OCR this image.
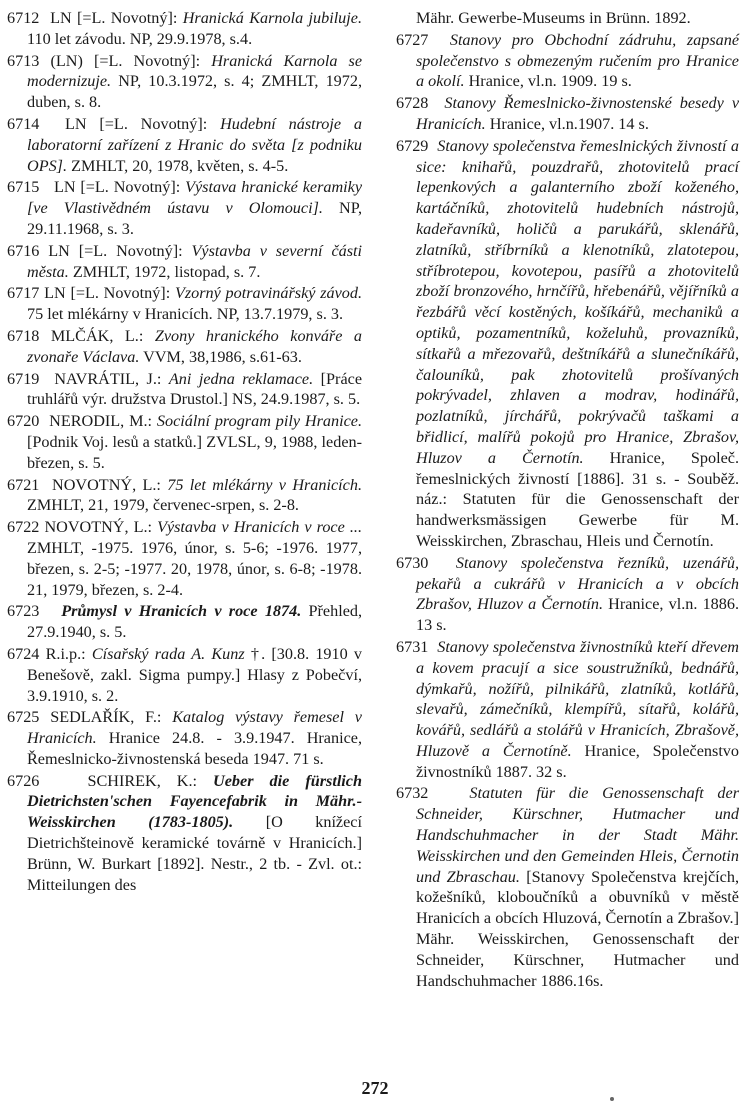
6712 LN [=L. Novotný]: Hranická Karnola jubiluje. 110 let závodu. NP, 29.9.1978, s.4.

6713 (LN) [=L. Novotný]: Hranická Karnola se modernizuje. NP, 10.3.1972, s. 4; ZMHLT, 1972, duben, s. 8.

6714 LN [=L. Novotný]: Hudební nástroje a laboratorní zařízení z Hranic do světa [z podniku OPS]. ZMHLT, 20, 1978, květen, s. 4-5.

6715 LN [=L. Novotný]: Výstava hranické keramiky [ve Vlastivědném ústavu v Olomouci]. NP, 29.11.1968, s. 3.

6716 LN [=L. Novotný]: Výstavba v severní části města. ZMHLT, 1972, listopad, s. 7.

6717 LN [=L. Novotný]: Vzorný potravinářský závod. 75 let mlékárny v Hranicích. NP, 13.7.1979, s. 3.

6718 MLČÁK, L.: Zvony hranického konváře a zvonaře Václava. VVM, 38,1986, s.61-63.

6719 NAVRÁTIL, J.: Ani jedna reklamace. [Práce truhlářů výr. družstva Drustol.] NS, 24.9.1987, s. 5.

6720 NERODIL, M.: Sociální program pily Hranice. [Podnik Voj. lesů a statků.] ZVLSL, 9, 1988, leden-březen, s. 5.

6721 NOVOTNÝ, L.: 75 let mlékárny v Hranicích. ZMHLT, 21, 1979, červenec-srpen, s. 2-8.

6722 NOVOTNÝ, L.: Výstavba v Hranicích v roce ... ZMHLT, -1975. 1976, únor, s. 5-6; -1976. 1977, březen, s. 2-5; -1977. 20, 1978, únor, s. 6-8; -1978. 21, 1979, březen, s. 2-4.

6723 Průmysl v Hranicích v roce 1874. Přehled, 27.9.1940, s. 5.

6724 R.i.p.: Císařský rada A. Kunz †. [30.8. 1910 v Benešově, zakl. Sigma pumpy.] Hlasy z Pobečví, 3.9.1910, s. 2.

6725 SEDLAŘÍK, F.: Katalog výstavy řemesel v Hranicích. Hranice 24.8. - 3.9.1947. Hranice, Řemeslnicko-živnostenská beseda 1947. 71 s.

6726	SCHIREK, K.: Ueber die fürstlich Dietrichsten'schen Fayencefabrik in Mähr.-Weisskirchen (1783-1805). [O knížecí Dietrichšteinově keramické továrně v Hranicích.] Brünn, W. Burkart [1892]. Nestr., 2 tb. - Zvl. ot.: Mitteilungen des

Mähr. Gewerbe-Museums in Brünn. 1892.

6727 Stanovy pro Obchodní zádruhu, zapsané společenstvo s obmezeným ručením pro Hranice a okolí. Hranice, vl.n. 1909. 19 s.

6728 Stanovy Řemeslnicko-živnostenské besedy v Hranicích. Hranice, vl.n.1907. 14 s.

6729 Stanovy společenstva řemeslnických živností a sice: knihařů, pouzdrařů, zhotovitelů prací lepenkových a galanterního zboží koženého, kartáčníků, zhotovitelů hudebních nástrojů, kadeřavníků, holičů a parukářů, sklenářů, zlatníků, stříbrníků a klenotníků, zlatotepou, stříbrotepou, kovotepou, pasířů a zhotovitelů zboží bronzového, hrnčířů, hřebenářů, vějířníků a řezbářů věcí kostěných, košíkářů, mechaniků a optiků, pozamentníků, koželuhů, provazníků, sítkařů a mřezovařů, deštníkářů a slunečníkářů, čalouníků, pak zhotovitelů prošívaných pokrývadel, zhlaven a modrav, hodinářů, pozlatníků, jírchářů, pokrývačů taškami a břidlicí, malířů pokojů pro Hranice, Zbrašov, Hluzov a Černotín. Hranice, Společ. řemeslnických živností [1886]. 31 s. - Souběž. náz.: Statuten für die Genossenschaft der handwerksmässigen Gewerbe für M. Weisskirchen, Zbraschau, Hleis und Černotín.

6730 Stanovy společenstva řezníků, uzenářů, pekařů a cukrářů v Hranicích a v obcích Zbrašov, Hluzov a Černotín. Hranice, vl.n. 1886. 13 s.

6731 Stanovy společenstva živnostníků kteří dřevem a kovem pracují a sice soustružníků, bednářů, dýmkařů, nožířů, pilnikářů, zlatníků, kotlářů, slevařů, zámečníků, klempířů, sítařů, kolářů, kovářů, sedlářů a stolářů v Hranicích, Zbrašově, Hluzově a Černotíně. Hranice, Společenstvo živnostníků 1887. 32 s.

6732	Statuten für die Genossenschaft der Schneider, Kürschner, Hutmacher und Handschuhmacher in der Stadt Mähr. Weisskirchen und den Gemeinden Hleis, Černotin und Zbraschau. [Stanovy Společenstva krejčích, kožešníků, kloboučníků a obuvníků v městě Hranicích a obcích Hluzová, Černotín a Zbrašov.] Mähr. Weisskirchen, Genossenschaft der Schneider, Kürschner, Hutmacher und Handschuhmacher 1886.16s.

272
